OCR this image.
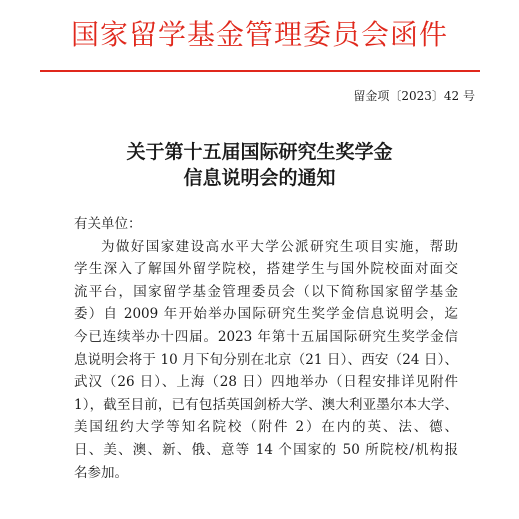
国家留学基金管理委员会函件
留金项〔2023〕42 号
关于第十五届国际研究生奖学金
信息说明会的通知

有关单位：

为做好国家建设高水平大学公派研究生项目实施，帮助
学生深入了解国外留学院校，搭建学生与国外院校面对面交
流平台，国家留学基金管理委员会（以下简称国家留学基金
委）自 2009 年开始举办国际研究生奖学金信息说明会，迄
今已连续举办十四届。2023 年第十五届国际研究生奖学金信
息说明会将于 10 月下旬分别在北京（21 日）、西安（24 日）、
武汉（26 日）、上海（28 日）四地举办（日程安排详见附件
1），截至目前，已有包括英国剑桥大学、澳大利亚墨尔本大学、
美国纽约大学等知名院校（附件 2）在内的英、法、德、
日、美、澳、新、俄、意等 14 个国家的 50 所院校/机构报
名参加。
